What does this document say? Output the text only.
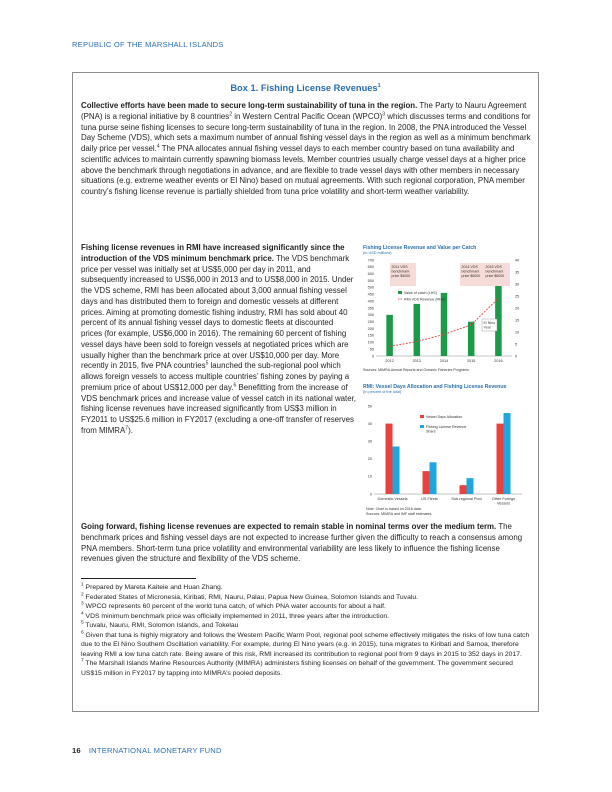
REPUBLIC OF THE MARSHALL ISLANDS
Box 1. Fishing License Revenues$^1$

Collective efforts have been made to secure long-term sustainability of tuna in the region. The Party to Nauru Agreement (PNA) is a regional initiative by 8 countries$^2$ in Western Central Pacific Ocean (WPCO)$^3$ which discusses terms and conditions for tuna purse seine fishing licenses to secure long-term sustainability of tuna in the region. In 2008, the PNA introduced the Vessel Day Scheme (VDS), which sets a maximum number of annual fishing vessel days in the region as well as a minimum benchmark daily price per vessel.$^4$ The PNA allocates annual fishing vessel days to each member country based on tuna availability and scientific advices to maintain currently spawning biomass levels. Member countries usually charge vessel days at a higher price above the benchmark through negotiations in advance, and are flexible to trade vessel days with other members in necessary situations (e.g. extreme weather events or El Nino) based on mutual agreements. With such regional corporation, PNA member country’s fishing license revenue is partially shielded from tuna price volatility and short-term weather variability.

Fishing license revenues in RMI have increased significantly since the introduction of the VDS minimum benchmark price. The VDS benchmark price per vessel was initially set at US$5,000 per day in 2011, and subsequently increased to US$6,000 in 2013 and to US$8,000 in 2015. Under the VDS scheme, RMI has been allocated about 3,000 annual fishing vessel days and has distributed them to foreign and domestic vessels at different prices. Aiming at promoting domestic fishing industry, RMI has sold about 40 percent of its annual fishing vessel days to domestic fleets at discounted prices (for example, US$6,000 in 2016). The remaining 60 percent of fishing vessel days have been sold to foreign vessels at negotiated prices which are usually higher than the benchmark price at over US$10,000 per day. More recently in 2015, five PNA countries$^5$ launched the sub-regional pool which allows foreign vessels to access multiple countries’ fishing zones by paying a premium price of about US$12,000 per day.$^6$ Benefitting from the increase of VDS benchmark prices and increase value of vessel catch in its national water, fishing license revenues have increased significantly from US$3 million in FY2011 to US$25.6 million in FY2017 (excluding a one-off transfer of reserves from MIMRA$^7$).

Fishing License Revenue and Value per Catch
(In USD millions)
0
50
100
150
200
250
300
350
400
450
500
550
600
650
700
0
5
10
15
20
25
30
35
40
2012	2013	2014	2015	2016
Value of catch (LHS)
RMI VDS Revenue (RHS)
2011 VDS benchmark price $5000
2014 VDS benchmark price $6000
2015 VDS benchmark price $8000
El Nino Year
Sources: MIMRA Annual Reports and Oceanic Fisheries Programs
RMI: Vessel Days Allocation and Fishing License Revenue
(In percent of the total)
0
10
20
30
40
50
Domestic Vessels	US Fleets	Sub-regional Pool	Other Foreign Vessels
Vessel Days Allocation
Fishing License Revenue Share
Note: Chart is based on 2016 data.
Sources: MIMRA and IMF staff estimates.

Going forward, fishing license revenues are expected to remain stable in nominal terms over the medium term. The benchmark prices and fishing vessel days are not expected to increase further given the difficulty to reach a consensus among PNA members. Short-term tuna price volatility and environmental variability are less likely to influence the fishing license revenues given the structure and flexibility of the VDS scheme.

$^1$ Prepared by Mareta Kaiteie and Huan Zhang.

$^2$ Federated States of Micronesia, Kiribati, RMI, Nauru, Palau, Papua New Guinea, Solomon Islands and Tuvalu.

$^3$ WPCO represents 60 percent of the world tuna catch, of which PNA water accounts for about a half.

$^4$ VDS minimum benchmark price was officially implemented in 2011, three years after the introduction.

$^5$ Tuvalu, Nauru, RMI, Solomon Islands, and Tokelau

$^6$ Given that tuna is highly migratory and follows the Western Pacific Warm Pool, regional pool scheme effectively mitigates the risks of low tuna catch due to the El Nino Southern Oscillation variability. For example, during El Nino years (e.g. in 2015), tuna migrates to Kiribati and Samoa, therefore leaving RMI a low tuna catch rate. Being aware of this risk, RMI increased its contribution to regional pool from 9 days in 2015 to 352 days in 2017.

$^7$ The Marshall Islands Marine Resources Authority (MIMRA) administers fishing licenses on behalf of the government. The government secured US$15 million in FY2017 by tapping into MIMRA’s pooled deposits.

16 INTERNATIONAL MONETARY FUND
